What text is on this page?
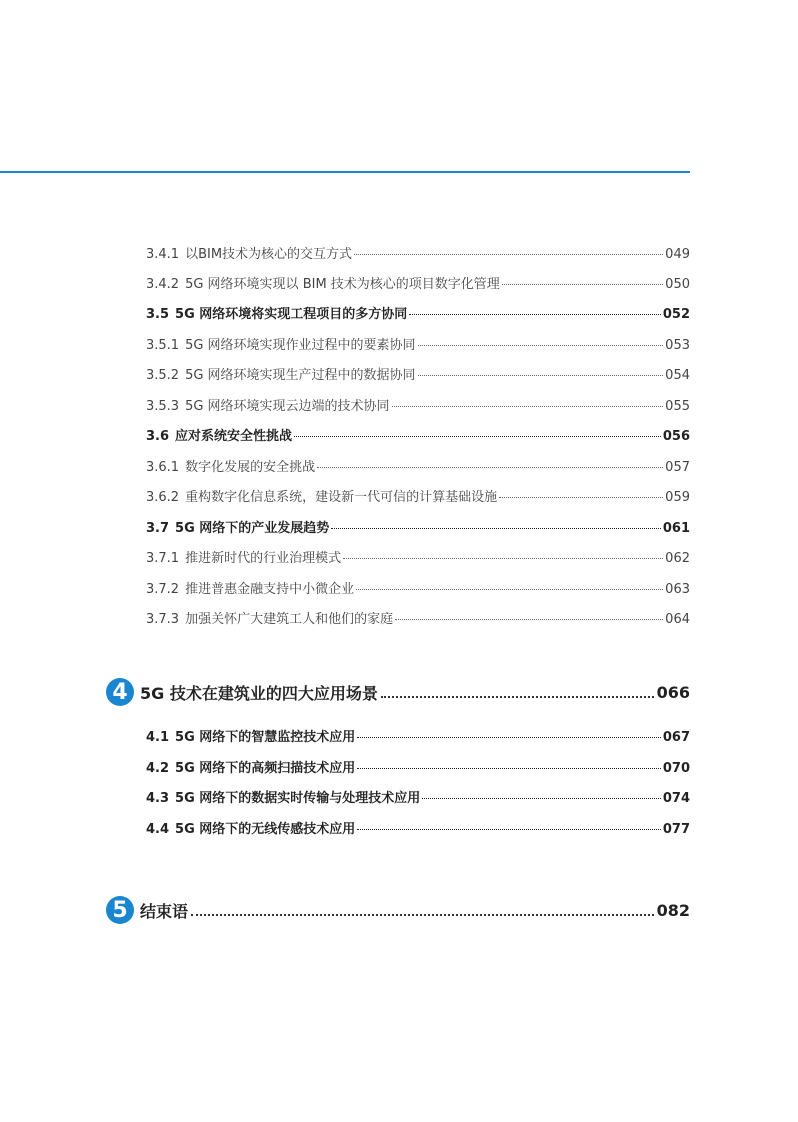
3.4.1 以BIM技术为核心的交互方式	049
3.4.2 5G 网络环境实现以 BIM 技术为核心的项目数字化管理	050
3.5 5G 网络环境将实现工程项目的多方协同	052
3.5.1 5G 网络环境实现作业过程中的要素协同	053
3.5.2 5G 网络环境实现生产过程中的数据协同	054
3.5.3 5G 网络环境实现云边端的技术协同	055
3.6 应对系统安全性挑战	056
3.6.1 数字化发展的安全挑战	057
3.6.2 重构数字化信息系统，建设新一代可信的计算基础设施	059
3.7 5G 网络下的产业发展趋势	061
3.7.1 推进新时代的行业治理模式	062
3.7.2 推进普惠金融支持中小微企业	063
3.7.3 加强关怀广大建筑工人和他们的家庭	064
4 5G 技术在建筑业的四大应用场景	066
4.1 5G 网络下的智慧监控技术应用	067
4.2 5G 网络下的高频扫描技术应用	070
4.3 5G 网络下的数据实时传输与处理技术应用	074
4.4 5G 网络下的无线传感技术应用	077
5 结束语	082
